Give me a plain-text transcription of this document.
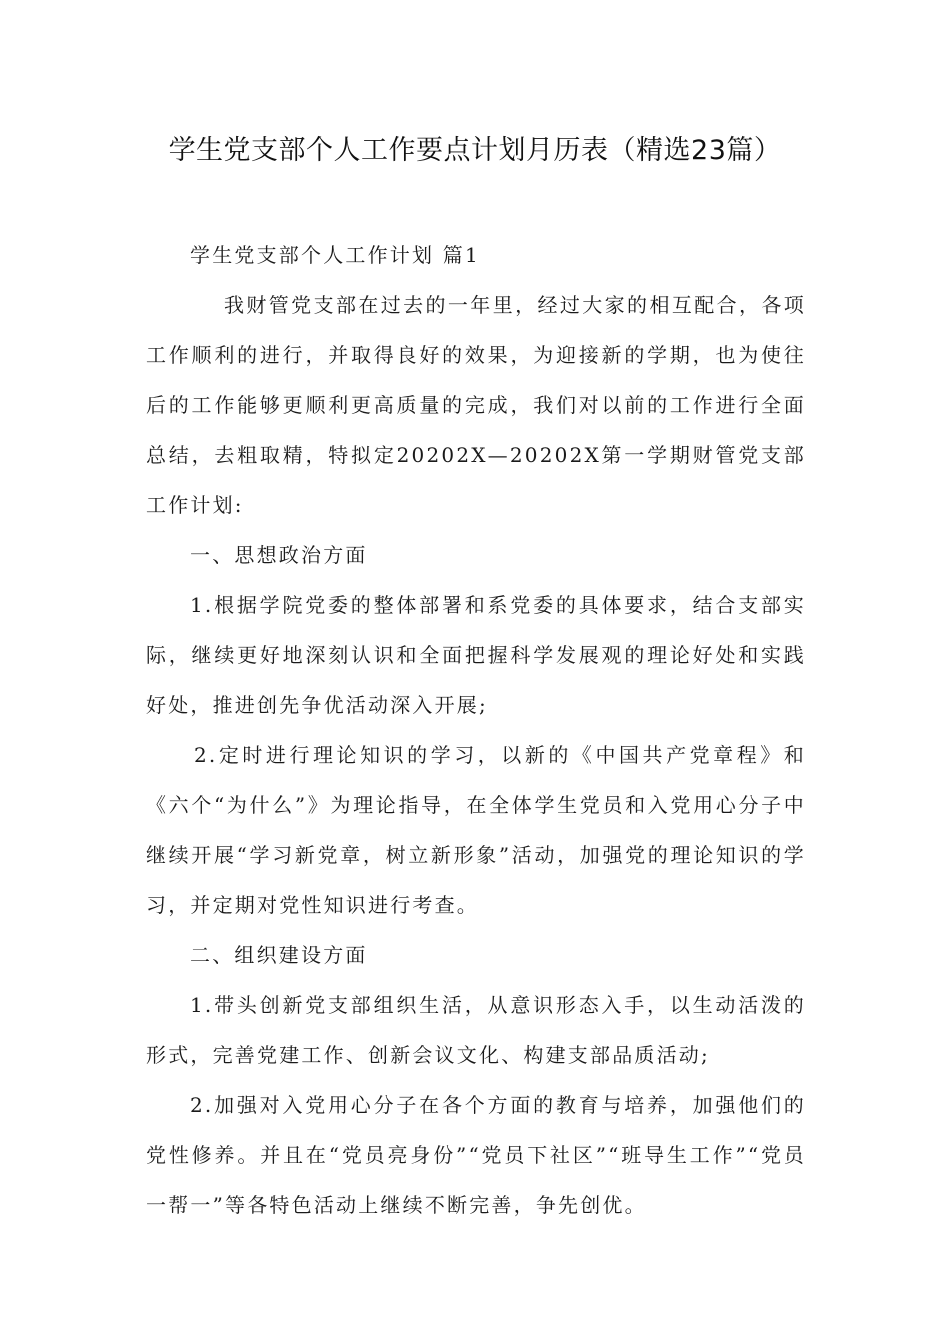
学生党支部个人工作要点计划月历表（精选23篇）

学生党支部个人工作计划 篇1

我财管党支部在过去的一年里，经过大家的相互配合，各项工作顺利的进行，并取得良好的效果，为迎接新的学期，也为使往后的工作能够更顺利更高质量的完成，我们对以前的工作进行全面总结，去粗取精，特拟定20202X—20202X第一学期财管党支部工作计划:

一、思想政治方面

1.根据学院党委的整体部署和系党委的具体要求，结合支部实际，继续更好地深刻认识和全面把握科学发展观的理论好处和实践好处，推进创先争优活动深入开展;

2.定时进行理论知识的学习，以新的《中国共产党章程》和《六个“为什么”》为理论指导，在全体学生党员和入党用心分子中继续开展“学习新党章，树立新形象”活动，加强党的理论知识的学习，并定期对党性知识进行考查。

二、组织建设方面

1.带头创新党支部组织生活，从意识形态入手，以生动活泼的形式，完善党建工作、创新会议文化、构建支部品质活动;

2.加强对入党用心分子在各个方面的教育与培养，加强他们的党性修养。并且在“党员亮身份”“党员下社区”“班导生工作”“党员一帮一”等各特色活动上继续不断完善，争先创优。
